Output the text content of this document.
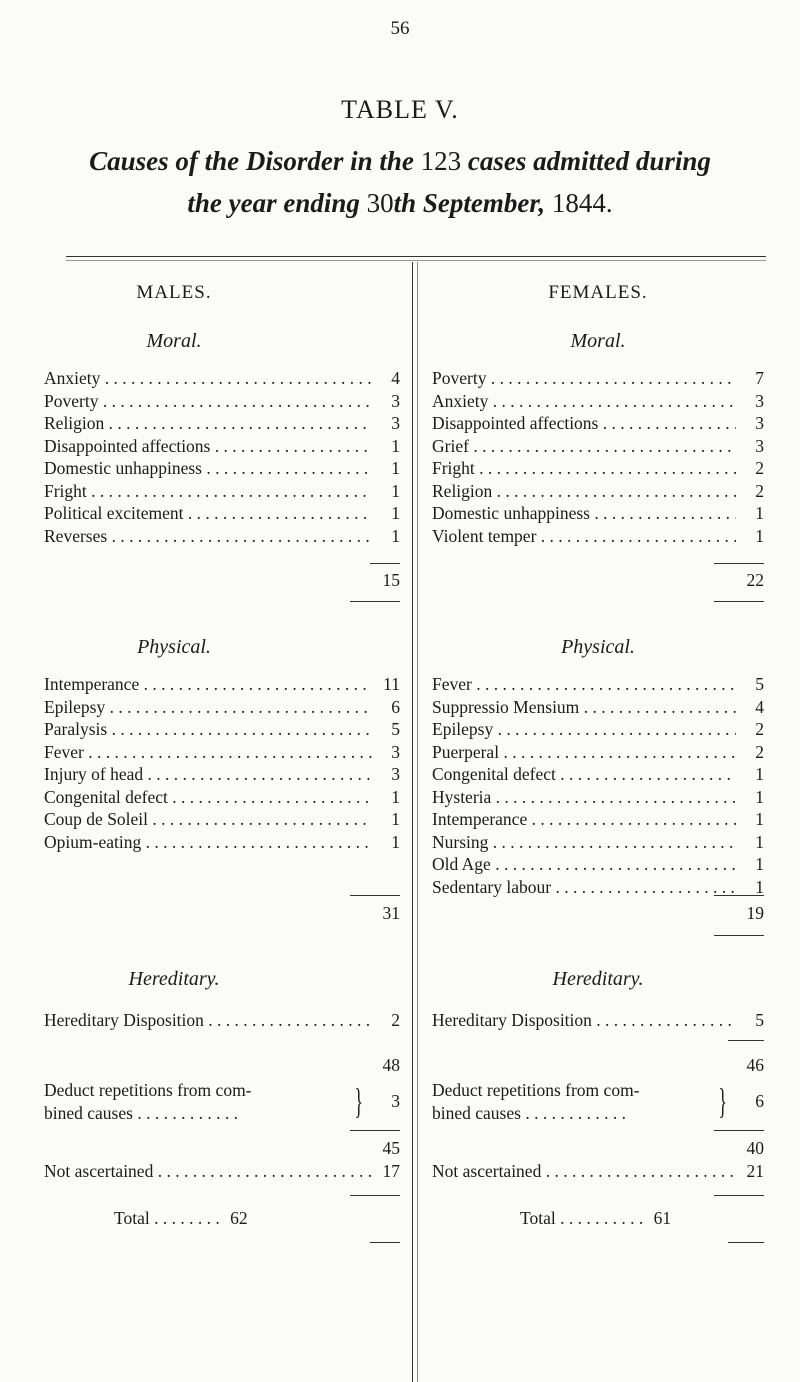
56
TABLE V.
Causes of the Disorder in the 123 cases admitted during
the year ending 30th September, 1844.
MALES.
Moral.
Anxiety . . .	4
Poverty . . .	3
Religion . . .	3
Disappointed affections . . .	1
Domestic unhappiness . . .	1
Fright . . .	1
Political excitement . . .	1
Reverses . . .	1
15
Physical.
Intemperance . . .	11
Epilepsy . . .	6
Paralysis . . .	5
Fever . . .	3
Injury of head . . .	3
Congenital defect . . .	1
Coup de Soleil . . .	1
Opium-eating . . .	1
31
Hereditary.
Hereditary Disposition . . .	2
48
Deduct repetitions from com-
bined causes . . . . . . . . . . . .	}	3
45
Not ascertained . . .	17
Total . . . . . . . . 62
FEMALES.
Moral.
Poverty . . .	7
Anxiety . . .	3
Disappointed affections . . .	3
Grief . . .	3
Fright . . .	2
Religion . . .	2
Domestic unhappiness . . .	1
Violent temper . . .	1
22
Physical.
Fever . . .	5
Suppressio Mensium . . .	4
Epilepsy . . .	2
Puerperal . . .	2
Congenital defect . . .	1
Hysteria . . .	1
Intemperance . . .	1
Nursing . . .	1
Old Age . . .	1
Sedentary labour . . .	1
19
Hereditary.
Hereditary Disposition . . .	5
46
Deduct repetitions from com-
bined causes . . . . . . . . . . . .	}	6
40
Not ascertained . . .	21
Total . . . . . . . . . . 61
